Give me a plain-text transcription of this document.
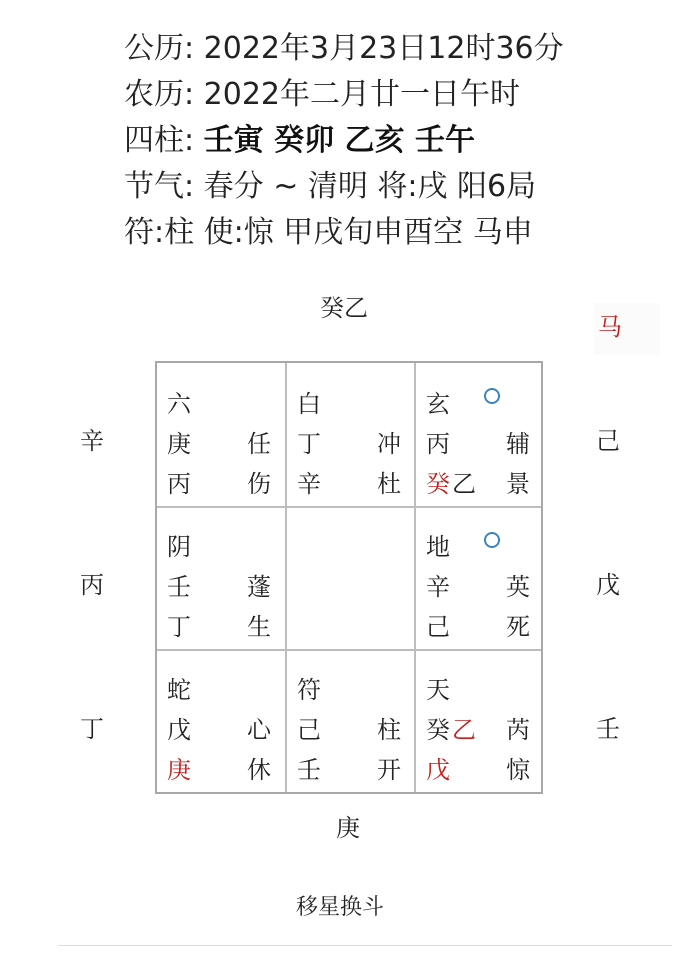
公历: 2022年3月23日12时36分
农历: 2022年二月廿一日午时
四柱: 壬寅 癸卯 乙亥 壬午
节气: 春分 ~ 清明 将:戌 阳6局
符:柱 使:惊 甲戌旬申酉空 马申
癸乙
马
辛
丙
丁
己
戊
壬
六
庚 任
丙 伤
白
丁 冲
辛 杜
玄
丙 辅
癸 乙 景
阴
壬 蓬
丁 生
地
辛 英
己 死
蛇
戊 心
庚 休
符
己 柱
壬 开
天
癸 乙 芮
戊 惊
庚
移星换斗
